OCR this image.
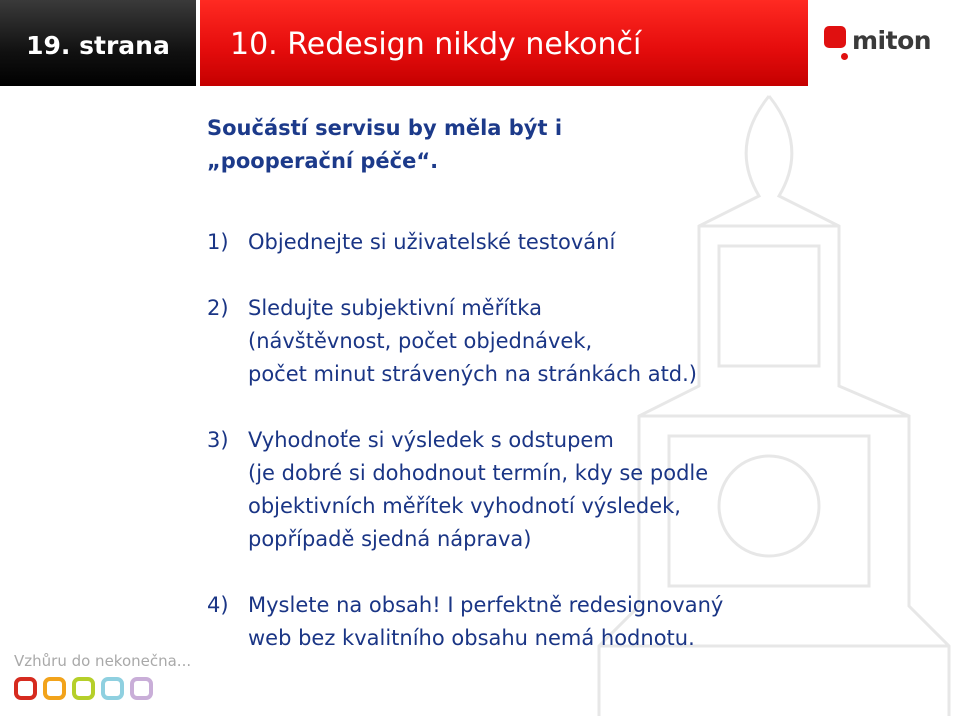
19. strana	10. Redesign nikdy nekončí	miton
Součástí servisu by měla být i
„pooperační péče“.
1) Objednejte si uživatelské testování
2) Sledujte subjektivní měřítka
(návštěvnost, počet objednávek,
počet minut strávených na stránkách atd.)
3) Vyhodnoťe si výsledek s odstupem
(je dobré si dohodnout termín, kdy se podle
objektivních měřítek vyhodnotí výsledek,
popřípadě sjedná náprava)
4) Myslete na obsah! I perfektně redesignovaný
web bez kvalitního obsahu nemá hodnotu.
Vzhůru do nekonečna...
